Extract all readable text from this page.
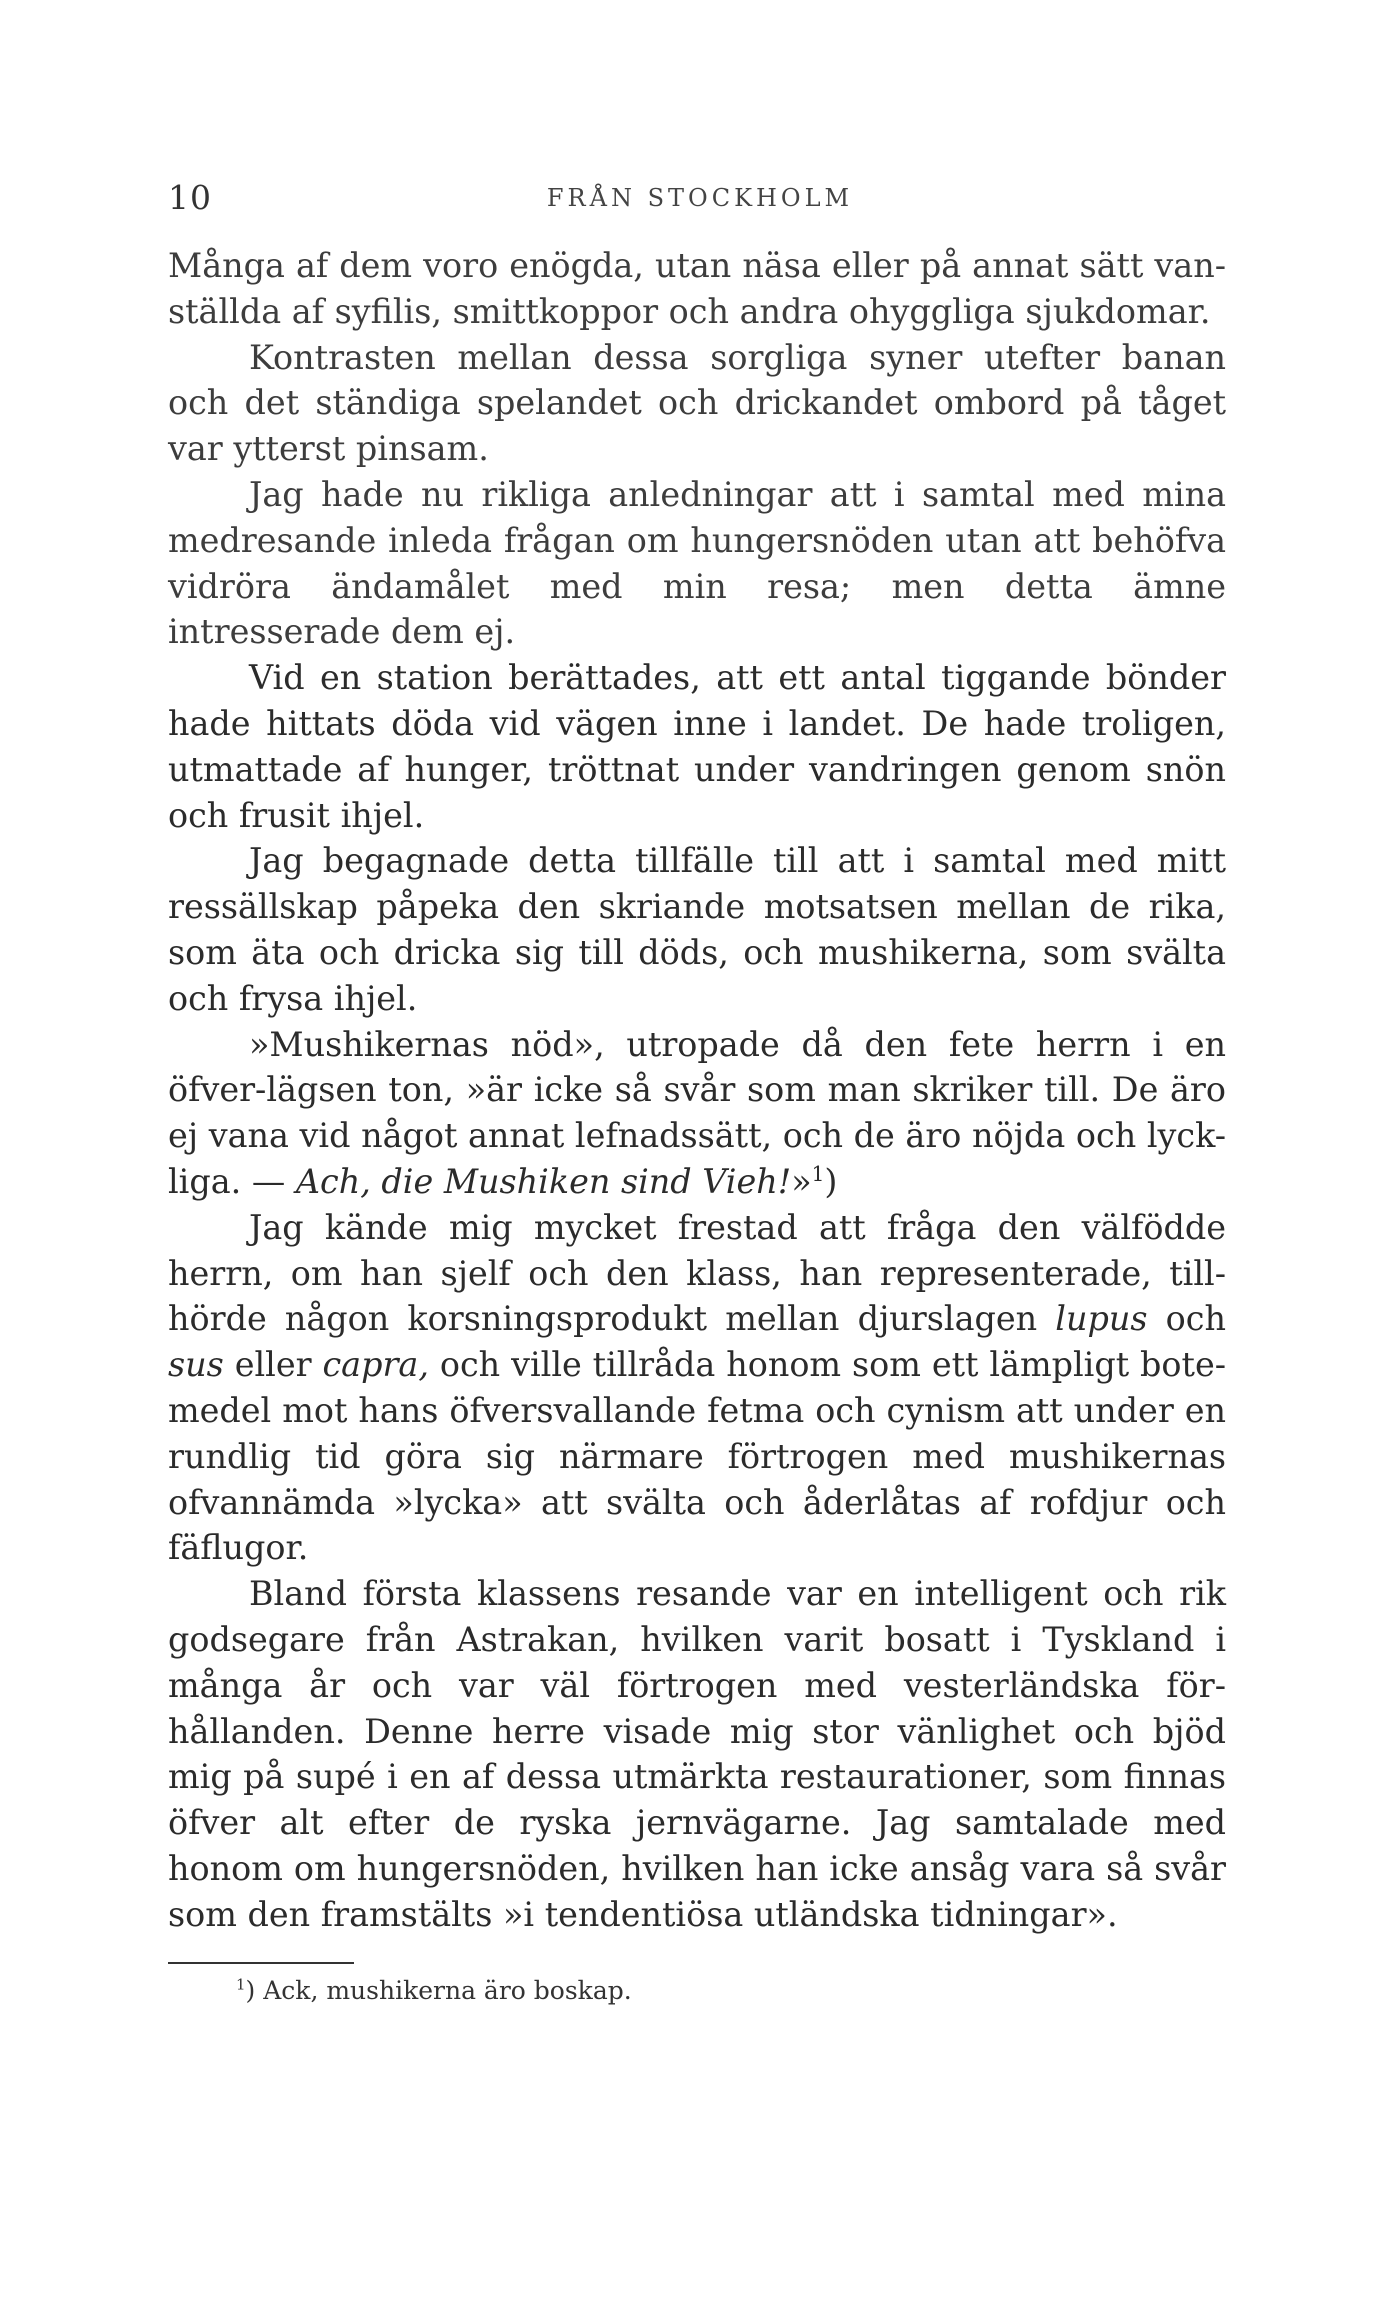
10	FRÅN STOCKHOLM

Många af dem voro enögda, utan näsa eller på annat sätt van-ställda af syfilis, smittkoppor och andra ohyggliga sjukdomar.

Kontrasten mellan dessa sorgliga syner utefter banan och det ständiga spelandet och drickandet ombord på tåget var ytterst pinsam.

Jag hade nu rikliga anledningar att i samtal med mina medresande inleda frågan om hungersnöden utan att behöfva vidröra ändamålet med min resa; men detta ämne intresserade dem ej.

Vid en station berättades, att ett antal tiggande bönder hade hittats döda vid vägen inne i landet. De hade troligen, utmattade af hunger, tröttnat under vandringen genom snön och frusit ihjel.

Jag begagnade detta tillfälle till att i samtal med mitt ressällskap påpeka den skriande motsatsen mellan de rika, som äta och dricka sig till döds, och mushikerna, som svälta och frysa ihjel.

»Mushikernas nöd», utropade då den fete herrn i en öfver-lägsen ton, »är icke så svår som man skriker till. De äro ej vana vid något annat lefnadssätt, och de äro nöjda och lyck-liga. — Ach, die Mushiken sind Vieh!»$^1$)

Jag kände mig mycket frestad att fråga den välfödde herrn, om han sjelf och den klass, han representerade, till-hörde någon korsningsprodukt mellan djurslagen lupus och sus eller capra, och ville tillråda honom som ett lämpligt bote-medel mot hans öfversvallande fetma och cynism att under en rundlig tid göra sig närmare förtrogen med mushikernas ofvannämda »lycka» att svälta och åderlåtas af rofdjur och fäflugor.

Bland första klassens resande var en intelligent och rik godsegare från Astrakan, hvilken varit bosatt i Tyskland i många år och var väl förtrogen med vesterländska för-hållanden. Denne herre visade mig stor vänlighet och bjöd mig på supé i en af dessa utmärkta restaurationer, som finnas öfver alt efter de ryska jernvägarne. Jag samtalade med honom om hungersnöden, hvilken han icke ansåg vara så svår som den framstälts »i tendentiösa utländska tidningar».

$^1$) Ack, mushikerna äro boskap.
